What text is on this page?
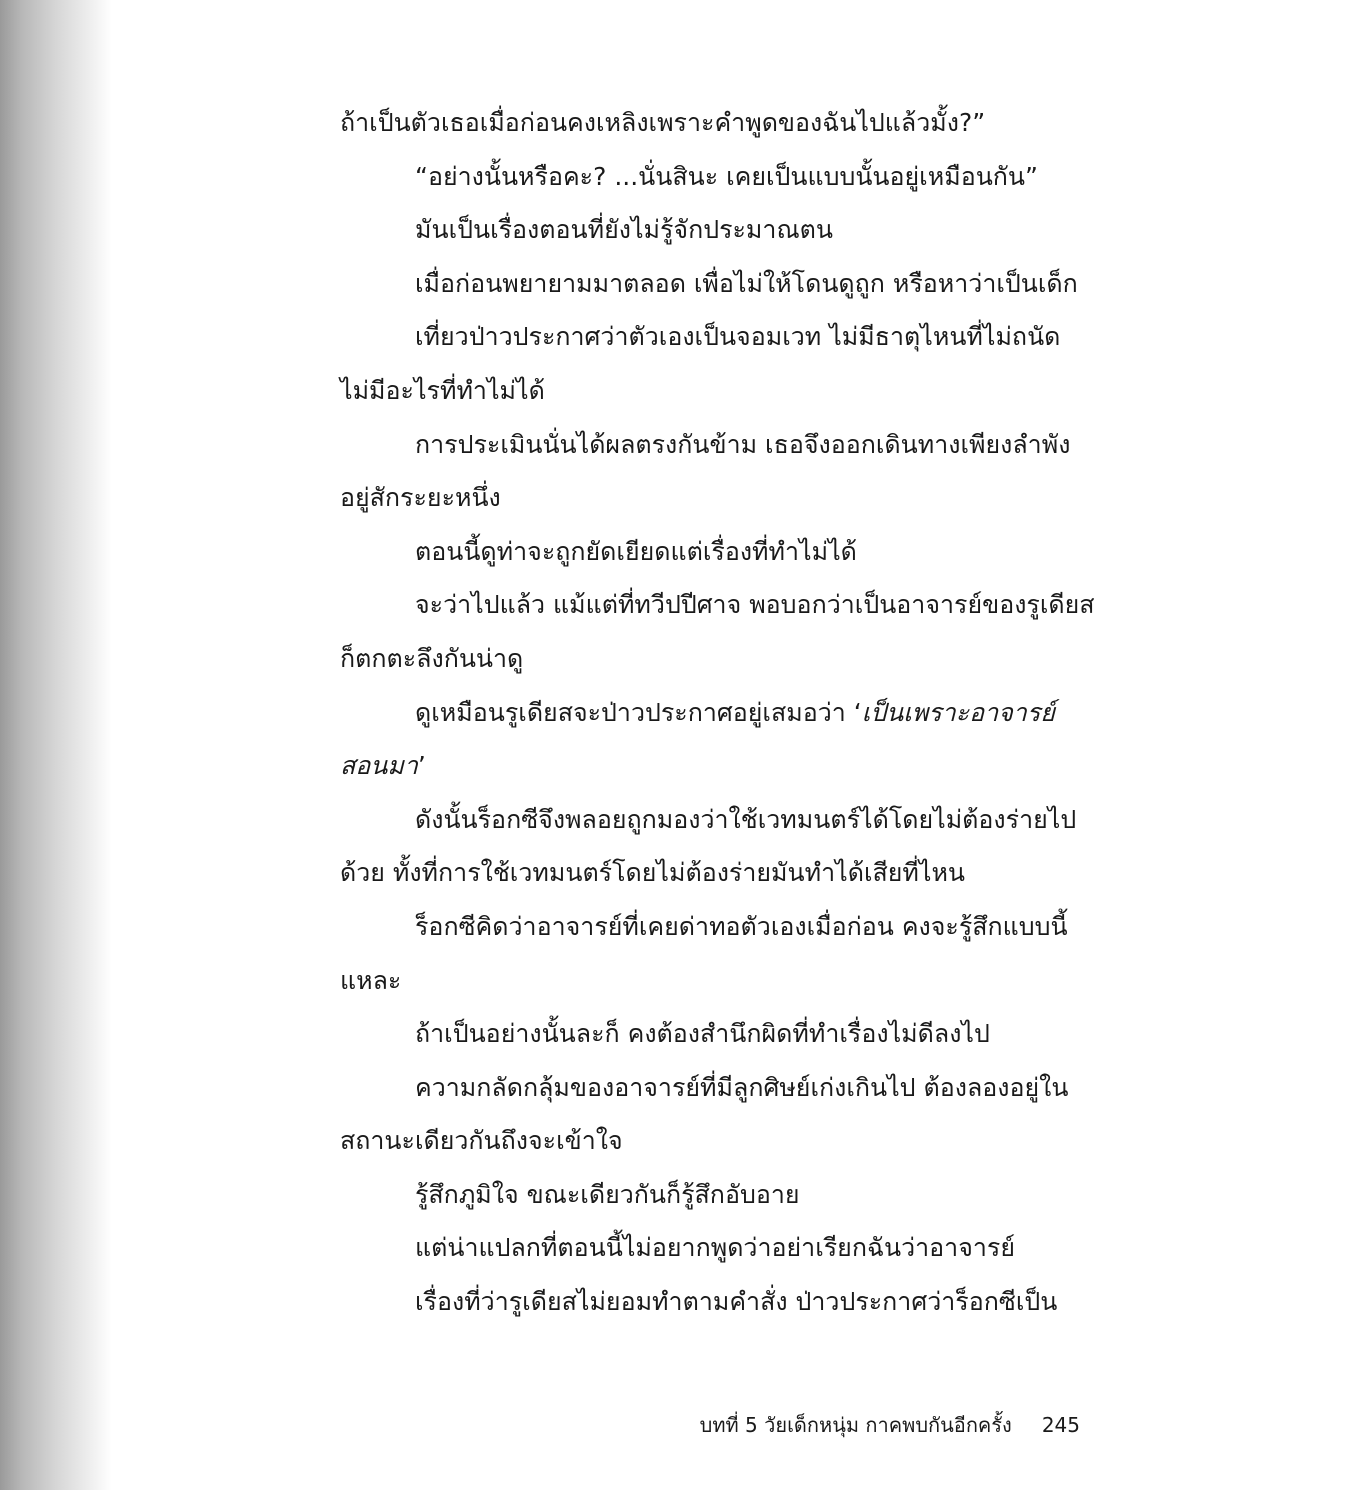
ถ้าเป็นตัวเธอเมื่อก่อนคงเหลิงเพราะคำพูดของฉันไปแล้วมั้ง?”
“อย่างนั้นหรือคะ? ...นั่นสินะ เคยเป็นแบบนั้นอยู่เหมือนกัน”
มันเป็นเรื่องตอนที่ยังไม่รู้จักประมาณตน
เมื่อก่อนพยายามมาตลอด เพื่อไม่ให้โดนดูถูก หรือหาว่าเป็นเด็ก
เที่ยวป่าวประกาศว่าตัวเองเป็นจอมเวท ไม่มีธาตุไหนที่ไม่ถนัด
ไม่มีอะไรที่ทำไม่ได้
การประเมินนั่นได้ผลตรงกันข้าม เธอจึงออกเดินทางเพียงลำพัง
อยู่สักระยะหนึ่ง
ตอนนี้ดูท่าจะถูกยัดเยียดแต่เรื่องที่ทำไม่ได้
จะว่าไปแล้ว แม้แต่ที่ทวีปปีศาจ พอบอกว่าเป็นอาจารย์ของรูเดียส
ก็ตกตะลึงกันน่าดู
ดูเหมือนรูเดียสจะป่าวประกาศอยู่เสมอว่า ‘เป็นเพราะอาจารย์
สอนมา’
ดังนั้นร็อกซีจึงพลอยถูกมองว่าใช้เวทมนตร์ได้โดยไม่ต้องร่ายไป
ด้วย ทั้งที่การใช้เวทมนตร์โดยไม่ต้องร่ายมันทำได้เสียที่ไหน
ร็อกซีคิดว่าอาจารย์ที่เคยด่าทอตัวเองเมื่อก่อน คงจะรู้สึกแบบนี้
แหละ
ถ้าเป็นอย่างนั้นละก็ คงต้องสำนึกผิดที่ทำเรื่องไม่ดีลงไป
ความกลัดกลุ้มของอาจารย์ที่มีลูกศิษย์เก่งเกินไป ต้องลองอยู่ใน
สถานะเดียวกันถึงจะเข้าใจ
รู้สึกภูมิใจ ขณะเดียวกันก็รู้สึกอับอาย
แต่น่าแปลกที่ตอนนี้ไม่อยากพูดว่าอย่าเรียกฉันว่าอาจารย์
เรื่องที่ว่ารูเดียสไม่ยอมทำตามคำสั่ง ป่าวประกาศว่าร็อกซีเป็น
บทที่ 5 วัยเด็กหนุ่ม กาคพบกันอีกครั้ง 245
